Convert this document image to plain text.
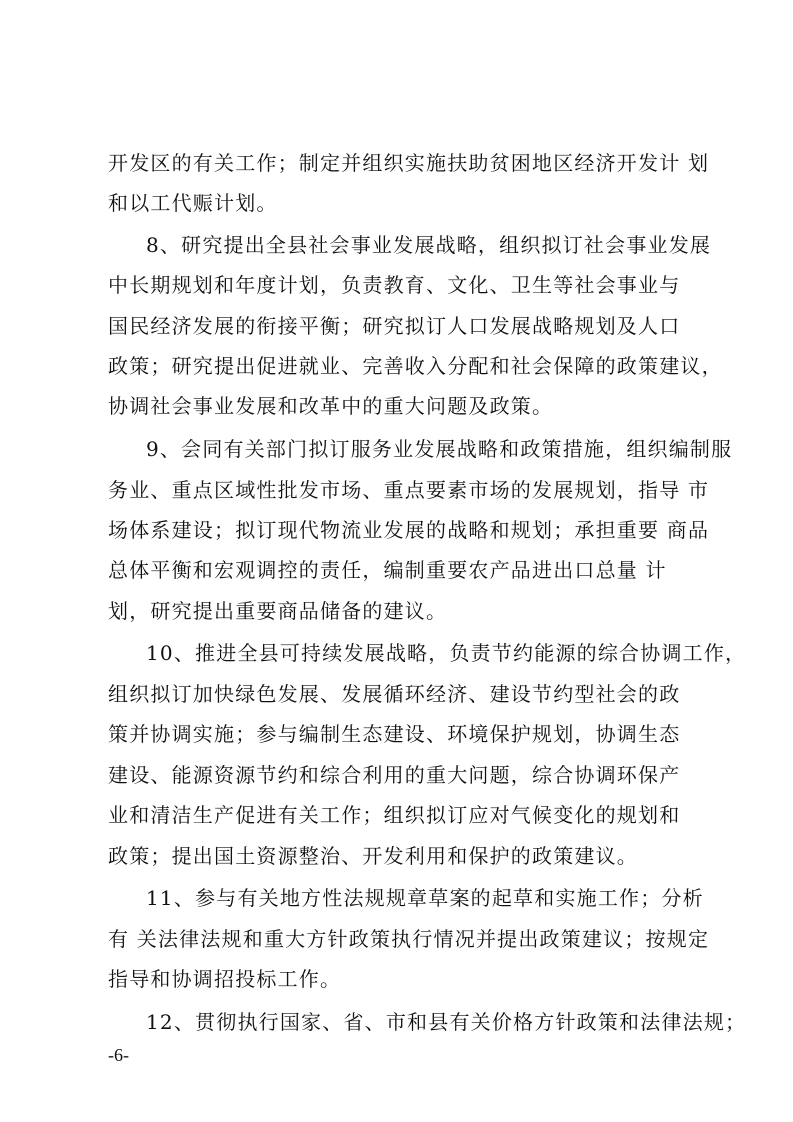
开发区的有关工作；制定并组织实施扶助贫困地区经济开发计 划
和以工代赈计划。
8、研究提出全县社会事业发展战略，组织拟订社会事业发展
中长期规划和年度计划，负责教育、文化、卫生等社会事业与
国民经济发展的衔接平衡；研究拟订人口发展战略规划及人口
政策；研究提出促进就业、完善收入分配和社会保障的政策建议，
协调社会事业发展和改革中的重大问题及政策。
9、会同有关部门拟订服务业发展战略和政策措施，组织编制服
务业、重点区域性批发市场、重点要素市场的发展规划，指导 市
场体系建设；拟订现代物流业发展的战略和规划；承担重要 商品
总体平衡和宏观调控的责任，编制重要农产品进出口总量 计
划，研究提出重要商品储备的建议。
10、推进全县可持续发展战略，负责节约能源的综合协调工作，
组织拟订加快绿色发展、发展循环经济、建设节约型社会的政
策并协调实施；参与编制生态建设、环境保护规划，协调生态
建设、能源资源节约和综合利用的重大问题，综合协调环保产
业和清洁生产促进有关工作；组织拟订应对气候变化的规划和
政策；提出国土资源整治、开发利用和保护的政策建议。
11、参与有关地方性法规规章草案的起草和实施工作；分析
有 关法律法规和重大方针政策执行情况并提出政策建议；按规定
指导和协调招投标工作。
12、贯彻执行国家、省、市和县有关价格方针政策和法律法规；
-6-
